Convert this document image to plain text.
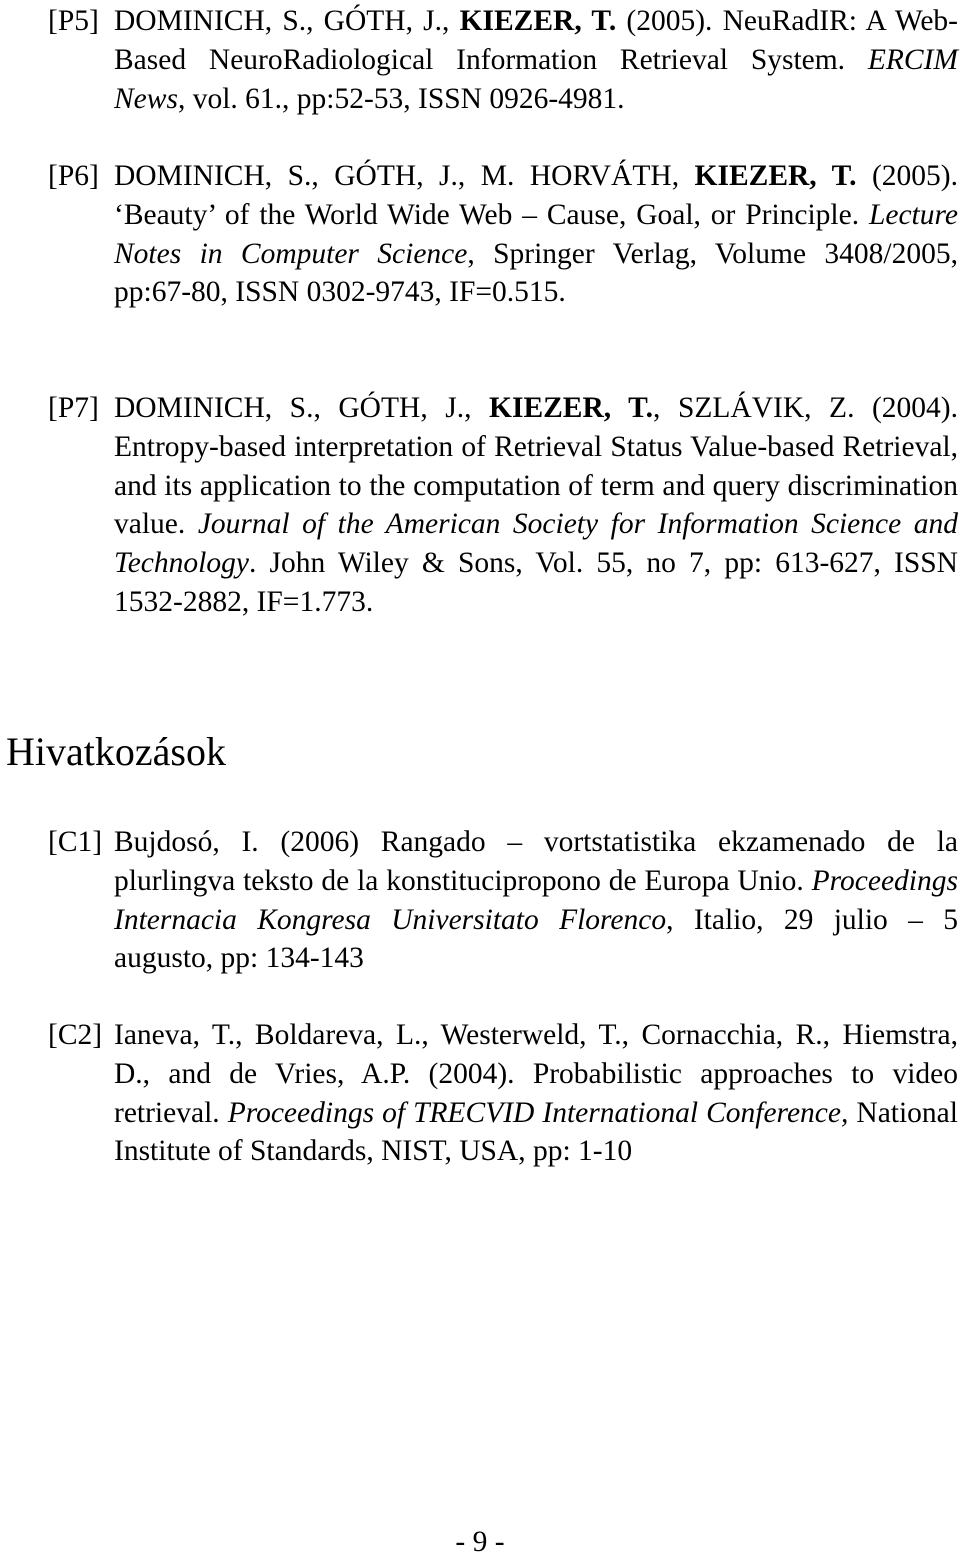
[P5] DOMINICH, S., GÓTH, J., KIEZER, T. (2005). NeuRadIR: A Web-Based NeuroRadiological Information Retrieval System. ERCIM News, vol. 61., pp:52-53, ISSN 0926-4981.
[P6] DOMINICH, S., GÓTH, J., M. HORVÁTH, KIEZER, T. (2005). ‘Beauty’ of the World Wide Web – Cause, Goal, or Principle. Lecture Notes in Computer Science, Springer Verlag, Volume 3408/2005, pp:67-80, ISSN 0302-9743, IF=0.515.
[P7] DOMINICH, S., GÓTH, J., KIEZER, T., SZLÁVIK, Z. (2004). Entropy-based interpretation of Retrieval Status Value-based Retrieval, and its application to the computation of term and query discrimination value. Journal of the American Society for Information Science and Technology. John Wiley & Sons, Vol. 55, no 7, pp: 613-627, ISSN 1532-2882, IF=1.773.
Hivatkozások
[C1] Bujdosó, I. (2006) Rangado – vortstatistika ekzamenado de la plurlingva teksto de la konstitucipropono de Europa Unio. Proceedings Internacia Kongresa Universitato Florenco, Italio, 29 julio – 5 augusto, pp: 134-143
[C2] Ianeva, T., Boldareva, L., Westerweld, T., Cornacchia, R., Hiemstra, D., and de Vries, A.P. (2004). Probabilistic approaches to video retrieval. Proceedings of TRECVID International Conference, National Institute of Standards, NIST, USA, pp: 1-10
- 9 -
